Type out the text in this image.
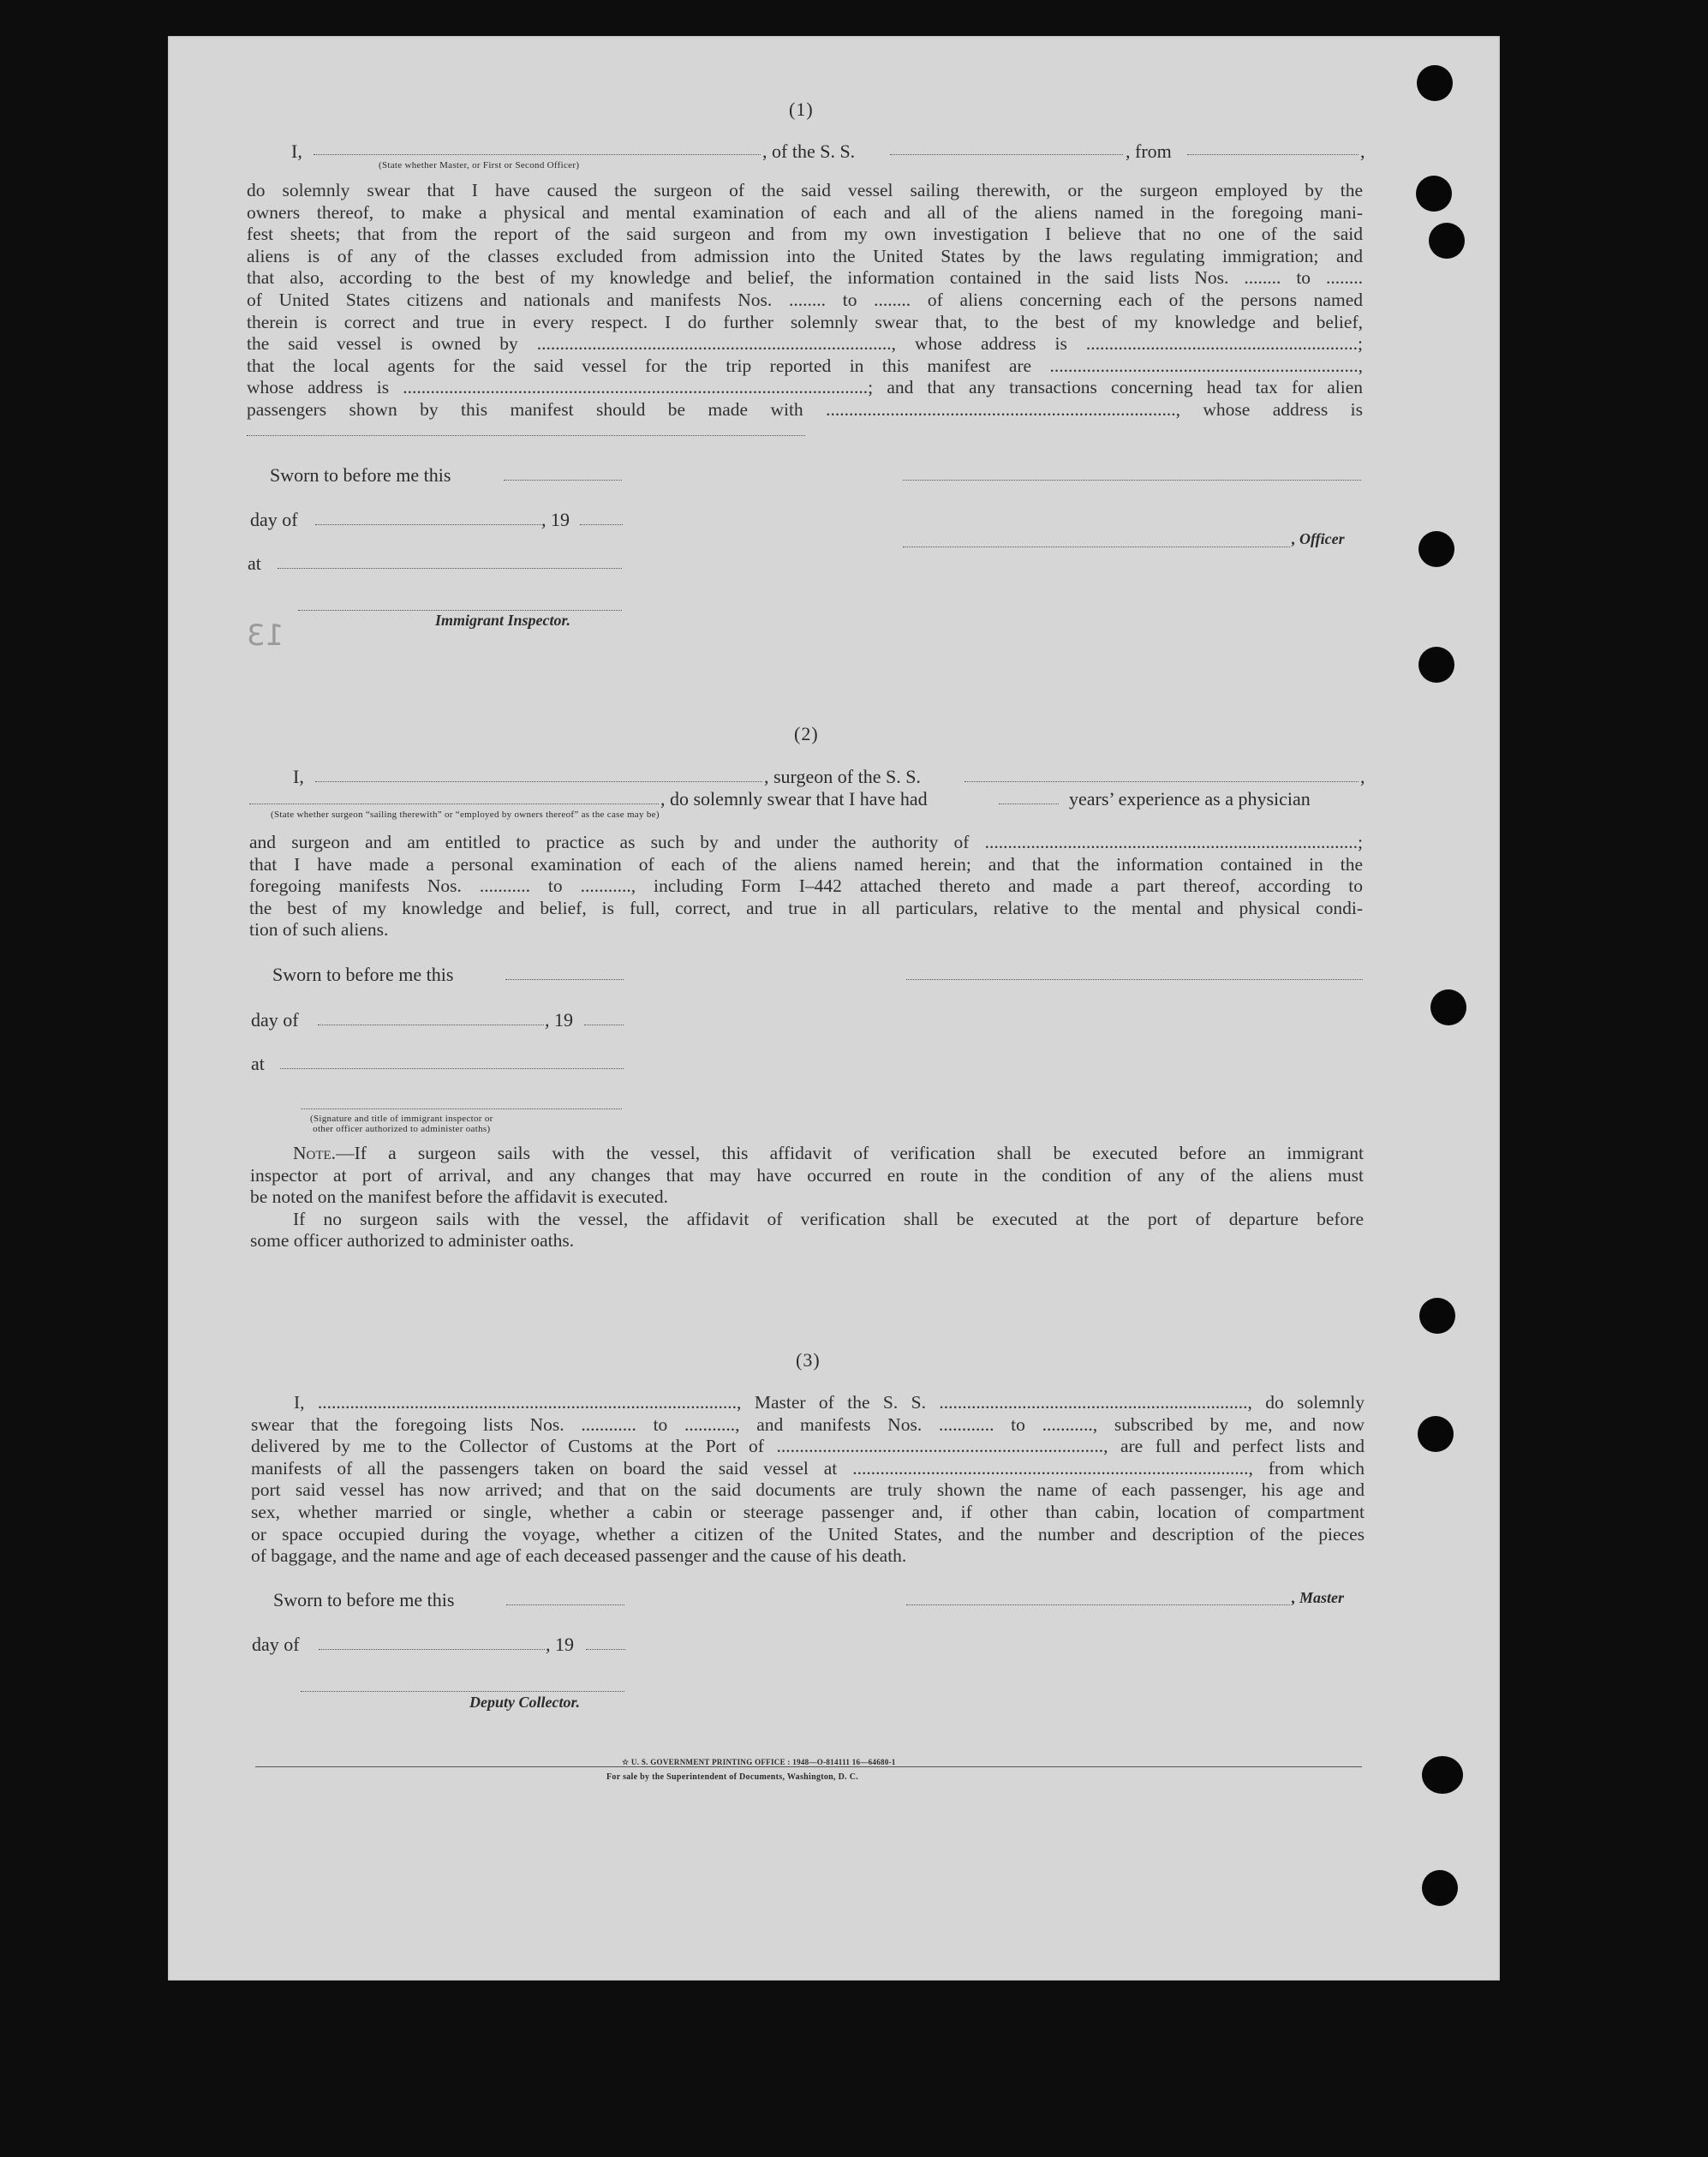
(1)
I,	, of the S. S.	, from	,
(State whether Master, or First or Second Officer)
do solemnly swear that I have caused the surgeon of the said vessel sailing therewith, or the surgeon employed by the
owners thereof, to make a physical and mental examination of each and all of the aliens named in the foregoing mani-
fest sheets; that from the report of the said surgeon and from my own investigation I believe that no one of the said
aliens is of any of the classes excluded from admission into the United States by the laws regulating immigration; and
that also, according to the best of my knowledge and belief, the information contained in the said lists Nos. ........ to ........
of United States citizens and nationals and manifests Nos. ........ to ........ of aliens concerning each of the persons named
therein is correct and true in every respect. I do further solemnly swear that, to the best of my knowledge and belief,
the said vessel is owned by ............................................................................., whose address is ...........................................................;
that the local agents for the said vessel for the trip reported in this manifest are ...................................................................,
whose address is .....................................................................................................; and that any transactions concerning head tax for alien
passengers shown by this manifest should be made with ............................................................................, whose address is
Sworn to before me this
day of	, 19
, Officer
at
Immigrant Inspector.
13
(2)
I,	, surgeon of the S. S.	,
, do solemnly swear that I have had	years’ experience as a physician
(State whether surgeon “sailing therewith” or “employed by owners thereof” as the case may be)
and surgeon and am entitled to practice as such by and under the authority of .................................................................................;
that I have made a personal examination of each of the aliens named herein; and that the information contained in the
foregoing manifests Nos. ........... to ..........., including Form I–442 attached thereto and made a part thereof, according to
the best of my knowledge and belief, is full, correct, and true in all particulars, relative to the mental and physical condi-
tion of such aliens.
Sworn to before me this
day of	, 19
at
(Signature and title of immigrant inspector or
other officer authorized to administer oaths)
Note.—If a surgeon sails with the vessel, this affidavit of verification shall be executed before an immigrant
inspector at port of arrival, and any changes that may have occurred en route in the condition of any of the aliens must
be noted on the manifest before the affidavit is executed.
If no surgeon sails with the vessel, the affidavit of verification shall be executed at the port of departure before
some officer authorized to administer oaths.
(3)
I, ..........................................................................................., Master of the S. S. ..................................................................., do solemnly
swear that the foregoing lists Nos. ............ to ..........., and manifests Nos. ............ to ..........., subscribed by me, and now
delivered by me to the Collector of Customs at the Port of ......................................................................., are full and perfect lists and
manifests of all the passengers taken on board the said vessel at ......................................................................................, from which
port said vessel has now arrived; and that on the said documents are truly shown the name of each passenger, his age and
sex, whether married or single, whether a cabin or steerage passenger and, if other than cabin, location of compartment
or space occupied during the voyage, whether a citizen of the United States, and the number and description of the pieces
of baggage, and the name and age of each deceased passenger and the cause of his death.
Sworn to before me this	, Master
day of	, 19
Deputy Collector.
☆ U. S. GOVERNMENT PRINTING OFFICE : 1948—O-814111 16—64680-1
For sale by the Superintendent of Documents, Washington, D. C.
